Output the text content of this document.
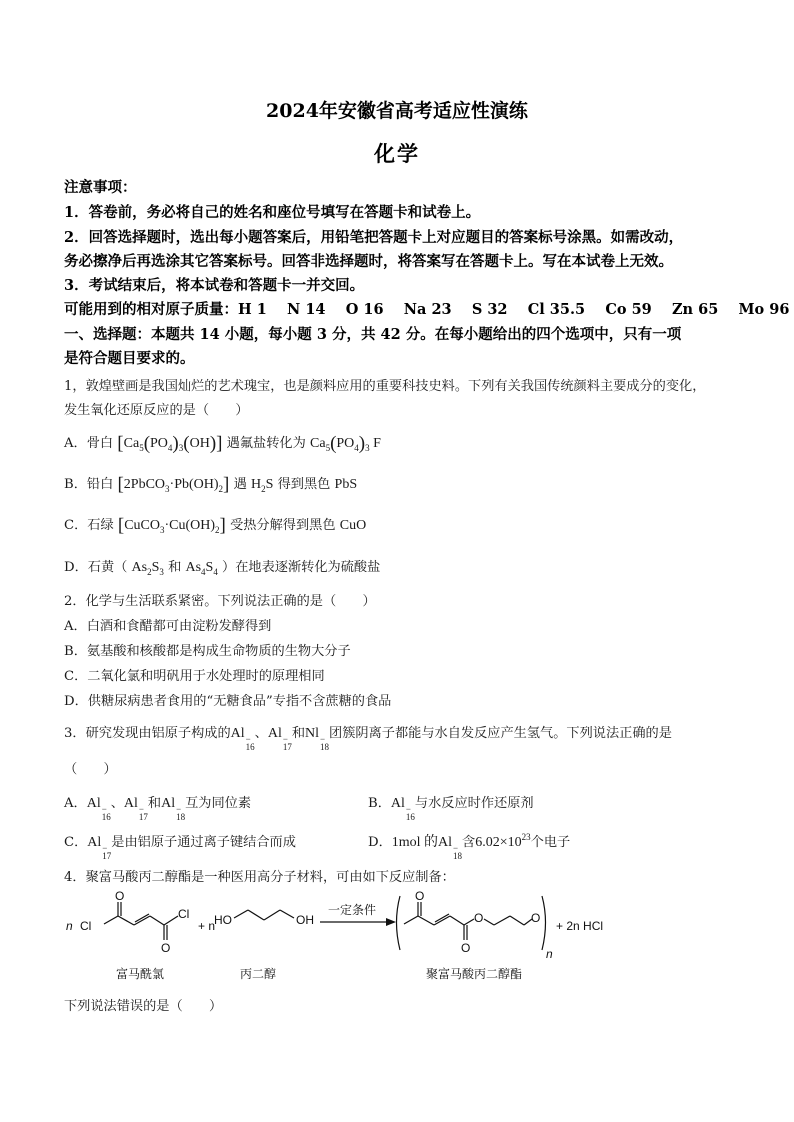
2024年安徽省高考适应性演练
化学
注意事项：
1．答卷前，务必将自己的姓名和座位号填写在答题卡和试卷上。
2．回答选择题时，选出每小题答案后，用铅笔把答题卡上对应题目的答案标号涂黑。如需改动，
务必擦净后再选涂其它答案标号。回答非选择题时，将答案写在答题卡上。写在本试卷上无效。
3．考试结束后，将本试卷和答题卡一并交回。
可能用到的相对原子质量：H 1    N 14    O 16    Na 23    S 32    Cl 35.5    Co 59    Zn 65    Mo 96
一、选择题：本题共 14 小题，每小题 3 分，共 42 分。在每小题给出的四个选项中，只有一项
是符合题目要求的。
1，敦煌壁画是我国灿烂的艺术瑰宝，也是颜料应用的重要科技史料。下列有关我国传统颜料主要成分的变化，
发生氧化还原反应的是（　　）
A．骨白 $[Ca_5(PO_4)_3(OH)]$ 遇氟盐转化为 $Ca_5(PO_4)_3$ F
B．铅白 $[2PbCO_3\cdot Pb(OH)_2]$ 遇 $H_2S$ 得到黑色 PbS
C．石绿 $[CuCO_3\cdot Cu(OH)_2]$ 受热分解得到黑色 CuO
D．石黄（ $As_2S_3$ 和 $As_4S_4$ ）在地表逐渐转化为硫酸盐
2．化学与生活联系紧密。下列说法正确的是（　　）
A．白酒和食醋都可由淀粉发酵得到
B．氨基酸和核酸都是构成生命物质的生物大分子
C．二氧化氯和明矾用于水处理时的原理相同
D．供糖尿病患者食用的“无糖食品”专指不含蔗糖的食品
3．研究发现由铝原子构成的Al −
16
、Al −
17
和Nl −
18
团簇阴离子都能与水自发反应产生氢气。下列说法正确的是
（　　）
A．Al −
16
、Al −
17
和Al −
18
互为同位素	B．Al −
16
与水反应时作还原剂
C．Al −
17
是由铝原子通过离子键结合而成	D．1mol 的Al −
18
含$6.02\times 10^{23}$个电子
4．聚富马酸丙二醇酯是一种医用高分子材料，可由如下反应制备：
n Cl
O
O
Cl
+ n
HO	OH
O
O
O	O
n
+ 2n HCl
一定条件
富马酰氯	丙二醇	聚富马酸丙二醇酯
下列说法错误的是（　　）
